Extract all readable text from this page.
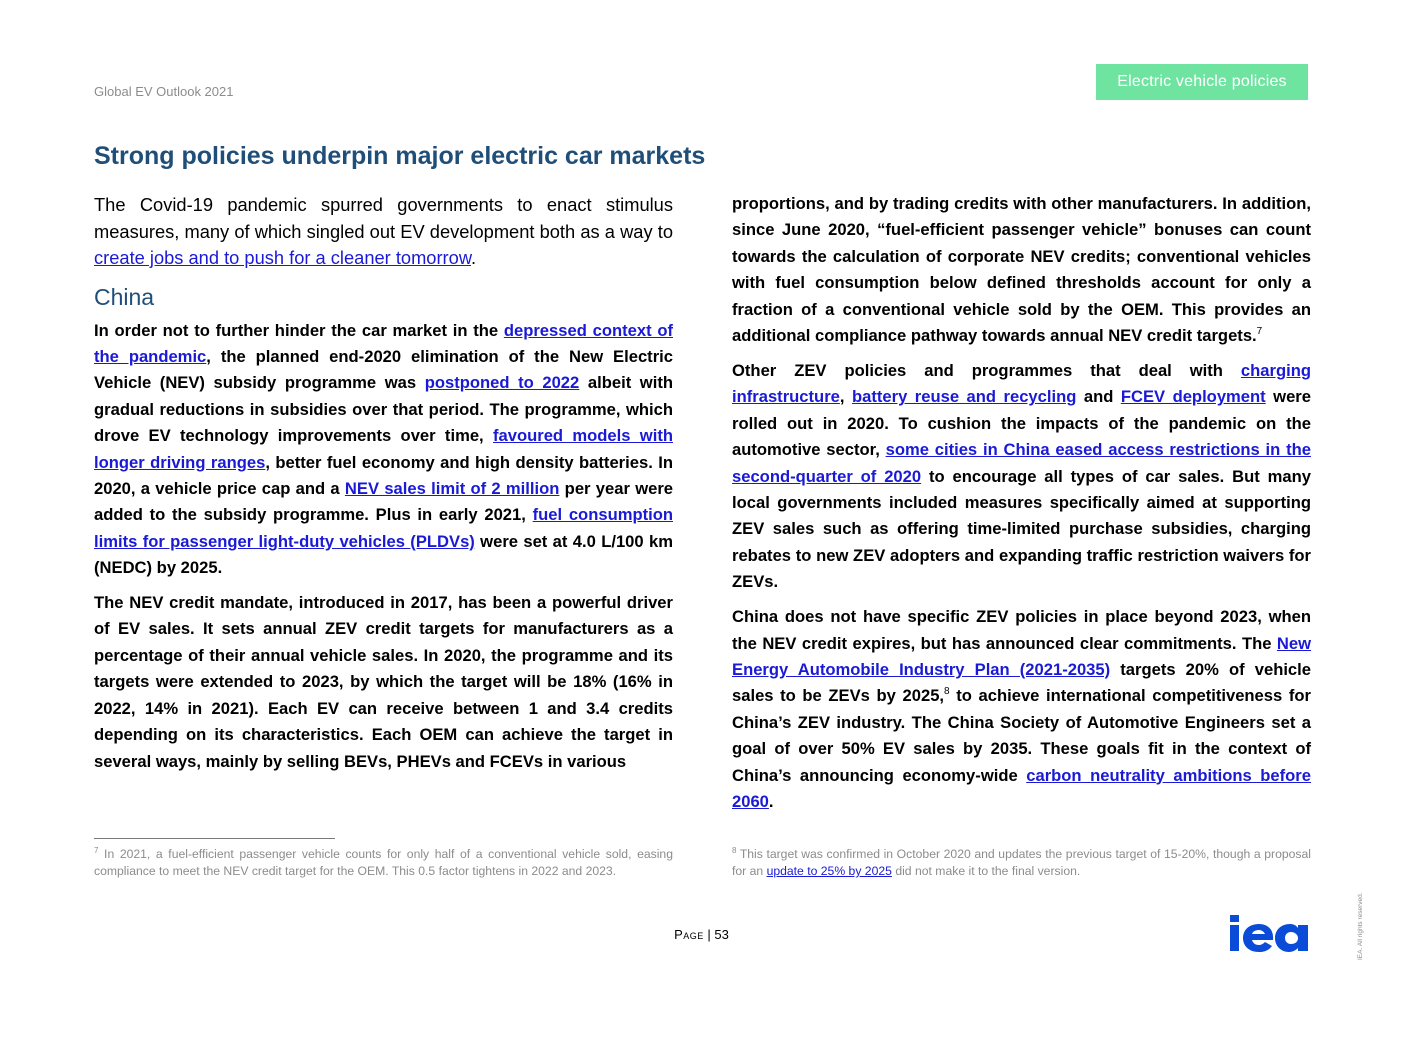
Global EV Outlook 2021
Electric vehicle policies
Strong policies underpin major electric car markets

The Covid-19 pandemic spurred governments to enact stimulus measures, many of which singled out EV development both as a way to create jobs and to push for a cleaner tomorrow.

China

In order not to further hinder the car market in the depressed context of the pandemic, the planned end-2020 elimination of the New Electric Vehicle (NEV) subsidy programme was postponed to 2022 albeit with gradual reductions in subsidies over that period. The programme, which drove EV technology improvements over time, favoured models with longer driving ranges, better fuel economy and high density batteries. In 2020, a vehicle price cap and a NEV sales limit of 2 million per year were added to the subsidy programme. Plus in early 2021, fuel consumption limits for passenger light-duty vehicles (PLDVs) were set at 4.0 L/100 km (NEDC) by 2025.

The NEV credit mandate, introduced in 2017, has been a powerful driver of EV sales. It sets annual ZEV credit targets for manufacturers as a percentage of their annual vehicle sales. In 2020, the programme and its targets were extended to 2023, by which the target will be 18% (16% in 2022, 14% in 2021). Each EV can receive between 1 and 3.4 credits depending on its characteristics. Each OEM can achieve the target in several ways, mainly by selling BEVs, PHEVs and FCEVs in various

proportions, and by trading credits with other manufacturers. In addition, since June 2020, “fuel-efficient passenger vehicle” bonuses can count towards the calculation of corporate NEV credits; conventional vehicles with fuel consumption below defined thresholds account for only a fraction of a conventional vehicle sold by the OEM. This provides an additional compliance pathway towards annual NEV credit targets.$^7$

Other ZEV policies and programmes that deal with charging infrastructure, battery reuse and recycling and FCEV deployment were rolled out in 2020. To cushion the impacts of the pandemic on the automotive sector, some cities in China eased access restrictions in the second-quarter of 2020 to encourage all types of car sales. But many local governments included measures specifically aimed at supporting ZEV sales such as offering time-limited purchase subsidies, charging rebates to new ZEV adopters and expanding traffic restriction waivers for ZEVs.

China does not have specific ZEV policies in place beyond 2023, when the NEV credit expires, but has announced clear commitments. The New Energy Automobile Industry Plan (2021-2035) targets 20% of vehicle sales to be ZEVs by 2025,$^8$ to achieve international competitiveness for China’s ZEV industry. The China Society of Automotive Engineers set a goal of over 50% EV sales by 2035. These goals fit in the context of China’s announcing economy-wide carbon neutrality ambitions before 2060.

$^7$ In 2021, a fuel-efficient passenger vehicle counts for only half of a conventional vehicle sold, easing compliance to meet the NEV credit target for the OEM. This 0.5 factor tightens in 2022 and 2023.
$^8$ This target was confirmed in October 2020 and updates the previous target of 15-20%, though a proposal for an update to 25% by 2025 did not make it to the final version.
Page | 53	IEA. All rights reserved.
